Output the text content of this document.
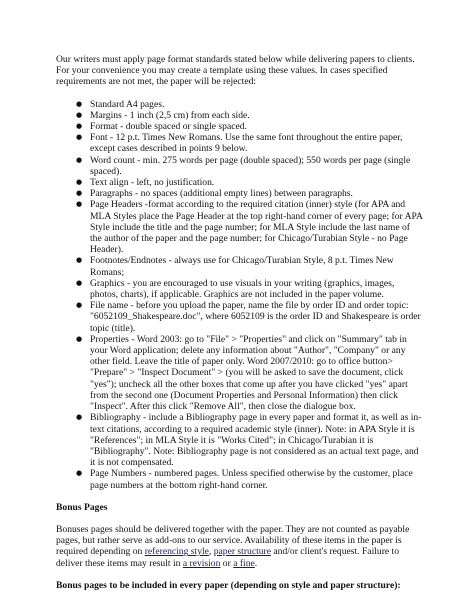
Our writers must apply page format standards stated below while delivering papers to clients. For your convenience you may create a template using these values. In cases specified requirements are not met, the paper will be rejected:

● Standard A4 pages.
● Margins - 1 inch (2,5 cm) from each side.
● Format - double spaced or single spaced.
● Font - 12 p.t. Times New Romans. Use the same font throughout the entire paper, except cases described in points 9 below.
● Word count - min. 275 words per page (double spaced); 550 words per page (single spaced).
● Text align - left, no justification.
● Paragraphs - no spaces (additional empty lines) between paragraphs.
● Page Headers -format according to the required citation (inner) style (for APA and MLA Styles place the Page Header at the top right-hand corner of every page; for APA Style include the title and the page number; for MLA Style include the last name of the author of the paper and the page number; for Chicago/Turabian Style - no Page Header).
● Footnotes/Endnotes - always use for Chicago/Turabian Style, 8 p.t. Times New Romans;
● Graphics - you are encouraged to use visuals in your writing (graphics, images, photos, charts), if applicable. Graphics are not included in the paper volume.
● File name - before you upload the paper, name the file by order ID and order topic: "6052109_Shakespeare.doc", where 6052109 is the order ID and Shakespeare is order topic (title).
● Properties - Word 2003: go to "File" > "Properties" and click on "Summary" tab in your Word application; delete any information about "Author", "Company" or any other field. Leave the title of paper only. Word 2007/2010: go to office button> "Prepare" > "Inspect Document" > (you will be asked to save the document, click "yes"); uncheck all the other boxes that come up after you have clicked "yes" apart from the second one (Document Properties and Personal Information) then click "Inspect". After this click "Remove All", then close the dialogue box.
● Bibliography - include a Bibliography page in every paper and format it, as well as in-text citations, according to a required academic style (inner). Note: in APA Style it is "References"; in MLA Style it is "Works Cited"; in Chicago/Turabian it is "Bibliography". Note: Bibliography page is not considered as an actual text page, and it is not compensated.
● Page Numbers - numbered pages. Unless specified otherwise by the customer, place page numbers at the bottom right-hand corner.

Bonus Pages

Bonuses pages should be delivered together with the paper. They are not counted as payable pages, but rather serve as add-ons to our service. Availability of these items in the paper is required depending on referencing style, paper structure and/or client's request. Failure to deliver these items may result in a revision or a fine.

Bonus pages to be included in every paper (depending on style and paper structure):
